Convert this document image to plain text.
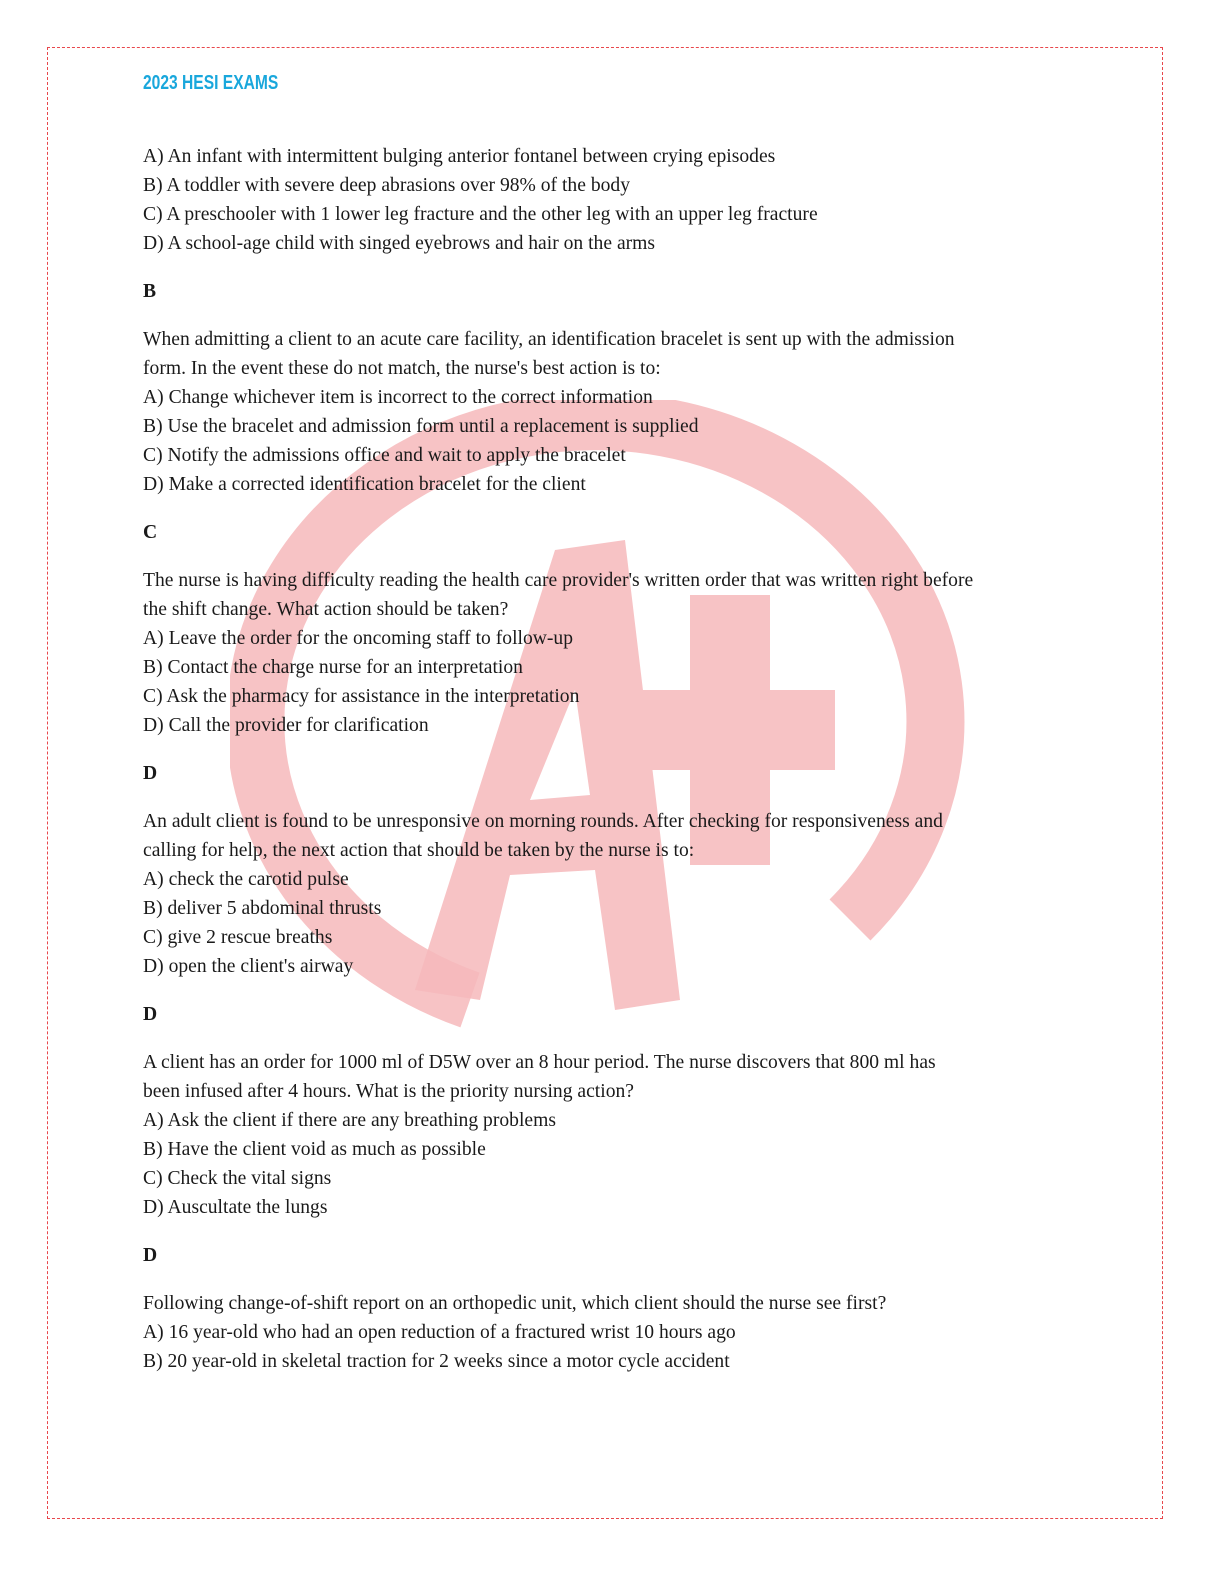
2023 HESI EXAMS
A) An infant with intermittent bulging anterior fontanel between crying episodes
B) A toddler with severe deep abrasions over 98% of the body
C) A preschooler with 1 lower leg fracture and the other leg with an upper leg fracture
D) A school-age child with singed eyebrows and hair on the arms
B
When admitting a client to an acute care facility, an identification bracelet is sent up with the admission
form. In the event these do not match, the nurse's best action is to:
A) Change whichever item is incorrect to the correct information
B) Use the bracelet and admission form until a replacement is supplied
C) Notify the admissions office and wait to apply the bracelet
D) Make a corrected identification bracelet for the client
C
The nurse is having difficulty reading the health care provider's written order that was written right before
the shift change. What action should be taken?
A) Leave the order for the oncoming staff to follow-up
B) Contact the charge nurse for an interpretation
C) Ask the pharmacy for assistance in the interpretation
D) Call the provider for clarification
D
An adult client is found to be unresponsive on morning rounds. After checking for responsiveness and
calling for help, the next action that should be taken by the nurse is to:
A) check the carotid pulse
B) deliver 5 abdominal thrusts
C) give 2 rescue breaths
D) open the client's airway
D
A client has an order for 1000 ml of D5W over an 8 hour period. The nurse discovers that 800 ml has
been infused after 4 hours. What is the priority nursing action?
A) Ask the client if there are any breathing problems
B) Have the client void as much as possible
C) Check the vital signs
D) Auscultate the lungs
D
Following change-of-shift report on an orthopedic unit, which client should the nurse see first?
A) 16 year-old who had an open reduction of a fractured wrist 10 hours ago
B) 20 year-old in skeletal traction for 2 weeks since a motor cycle accident
